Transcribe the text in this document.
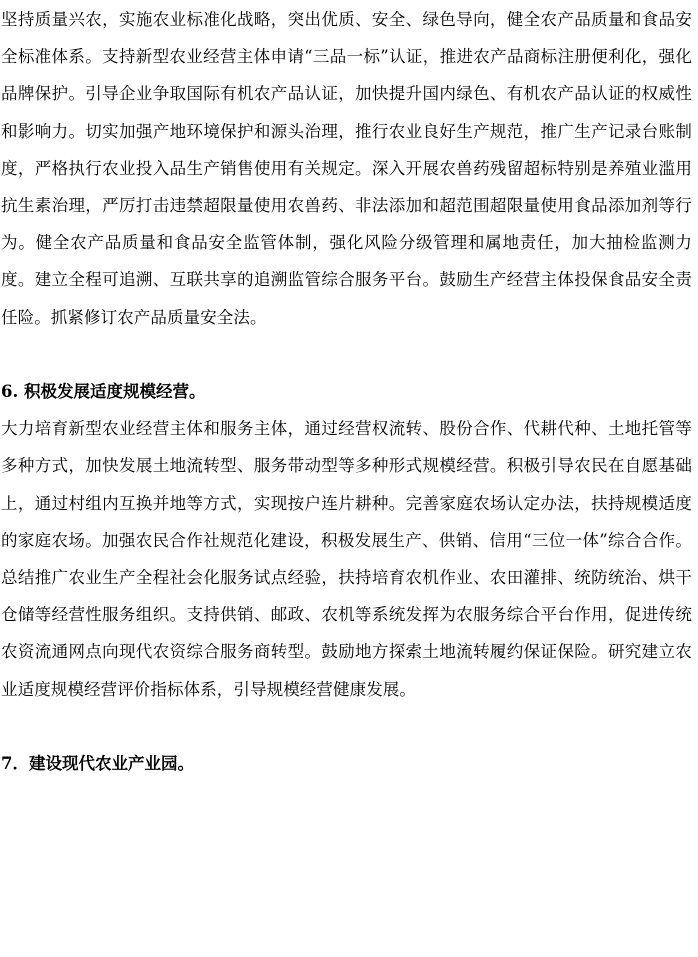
坚持质量兴农，实施农业标准化战略，突出优质、安全、绿色导向，健全农产品质量和食品安全标准体系。支持新型农业经营主体申请“三品一标”认证，推进农产品商标注册便利化，强化品牌保护。引导企业争取国际有机农产品认证，加快提升国内绿色、有机农产品认证的权威性和影响力。切实加强产地环境保护和源头治理，推行农业良好生产规范，推广生产记录台账制度，严格执行农业投入品生产销售使用有关规定。深入开展农兽药残留超标特别是养殖业滥用抗生素治理，严厉打击违禁超限量使用农兽药、非法添加和超范围超限量使用食品添加剂等行为。健全农产品质量和食品安全监管体制，强化风险分级管理和属地责任，加大抽检监测力度。建立全程可追溯、互联共享的追溯监管综合服务平台。鼓励生产经营主体投保食品安全责任险。抓紧修订农产品质量安全法。

6. 积极发展适度规模经营。

大力培育新型农业经营主体和服务主体，通过经营权流转、股份合作、代耕代种、土地托管等多种方式，加快发展土地流转型、服务带动型等多种形式规模经营。积极引导农民在自愿基础上，通过村组内互换并地等方式，实现按户连片耕种。完善家庭农场认定办法，扶持规模适度的家庭农场。加强农民合作社规范化建设，积极发展生产、供销、信用“三位一体”综合合作。总结推广农业生产全程社会化服务试点经验，扶持培育农机作业、农田灌排、统防统治、烘干仓储等经营性服务组织。支持供销、邮政、农机等系统发挥为农服务综合平台作用，促进传统农资流通网点向现代农资综合服务商转型。鼓励地方探索土地流转履约保证保险。研究建立农业适度规模经营评价指标体系，引导规模经营健康发展。

7．建设现代农业产业园。
